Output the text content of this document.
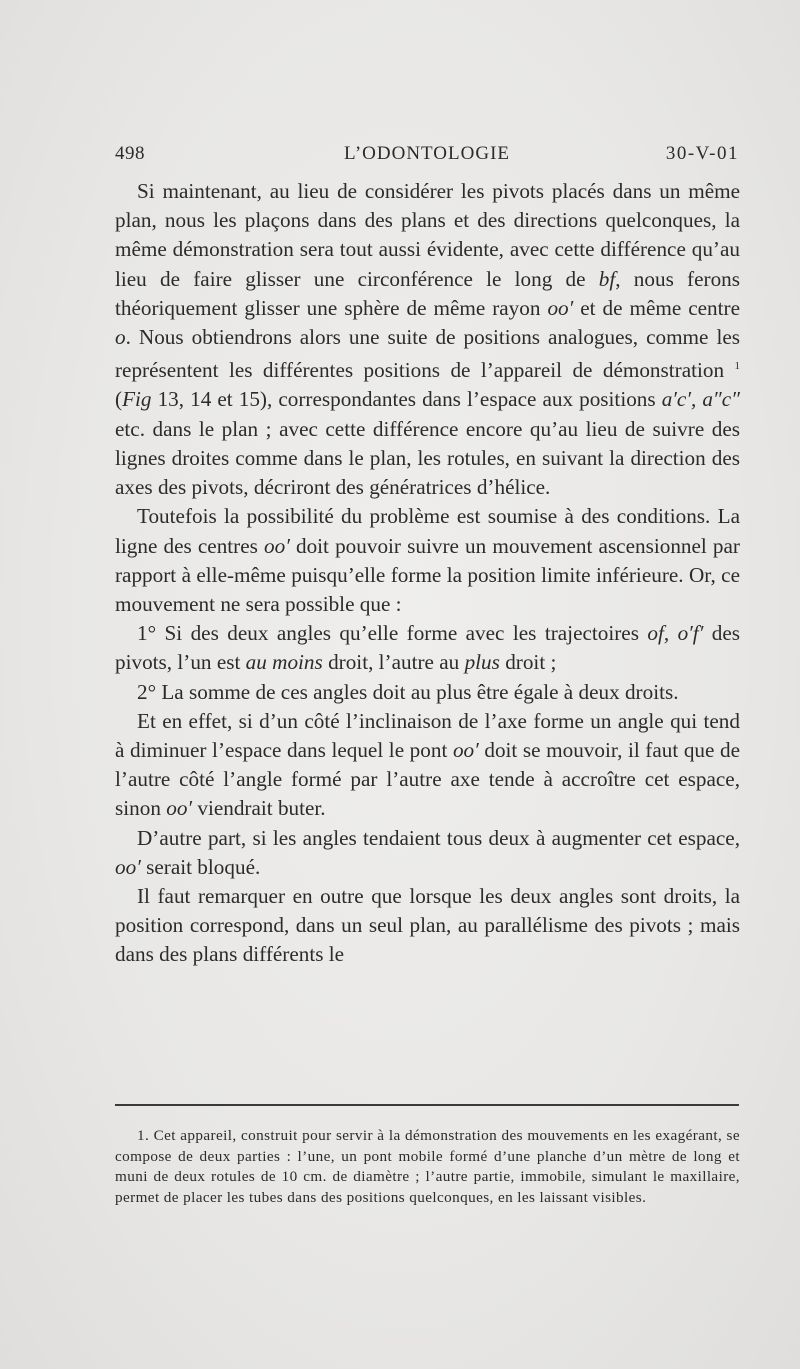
498	L’ODONTOLOGIE	30-V-01

Si maintenant, au lieu de considérer les pivots placés dans un même plan, nous les plaçons dans des plans et des directions quelconques, la même démonstration sera tout aussi évidente, avec cette différence qu’au lieu de faire glisser une circonférence le long de bf, nous ferons théoriquement glisser une sphère de même rayon oo′ et de même centre o. Nous obtiendrons alors une suite de positions analogues, comme les représentent les différentes positions de l’appareil de démonstration $^1$ (Fig 13, 14 et 15), correspondantes dans l’espace aux positions a′c′, a″c″ etc. dans le plan ; avec cette différence encore qu’au lieu de suivre des lignes droites comme dans le plan, les rotules, en suivant la direction des axes des pivots, décriront des génératrices d’hélice.

Toutefois la possibilité du problème est soumise à des conditions. La ligne des centres oo′ doit pouvoir suivre un mouvement ascensionnel par rapport à elle-même puisqu’elle forme la position limite inférieure. Or, ce mouvement ne sera possible que :

1° Si des deux angles qu’elle forme avec les trajectoires of, o′f′ des pivots, l’un est au moins droit, l’autre au plus droit ;

2° La somme de ces angles doit au plus être égale à deux droits.

Et en effet, si d’un côté l’inclinaison de l’axe forme un angle qui tend à diminuer l’espace dans lequel le pont oo′ doit se mouvoir, il faut que de l’autre côté l’angle formé par l’autre axe tende à accroître cet espace, sinon oo′ viendrait buter.

D’autre part, si les angles tendaient tous deux à augmenter cet espace, oo′ serait bloqué.

Il faut remarquer en outre que lorsque les deux angles sont droits, la position correspond, dans un seul plan, au parallélisme des pivots ; mais dans des plans différents le

1. Cet appareil, construit pour servir à la démonstration des mouvements en les exagérant, se compose de deux parties : l’une, un pont mobile formé d’une planche d’un mètre de long et muni de deux rotules de 10 cm. de diamètre ; l’autre partie, immobile, simulant le maxillaire, permet de placer les tubes dans des positions quelconques, en les laissant visibles.
